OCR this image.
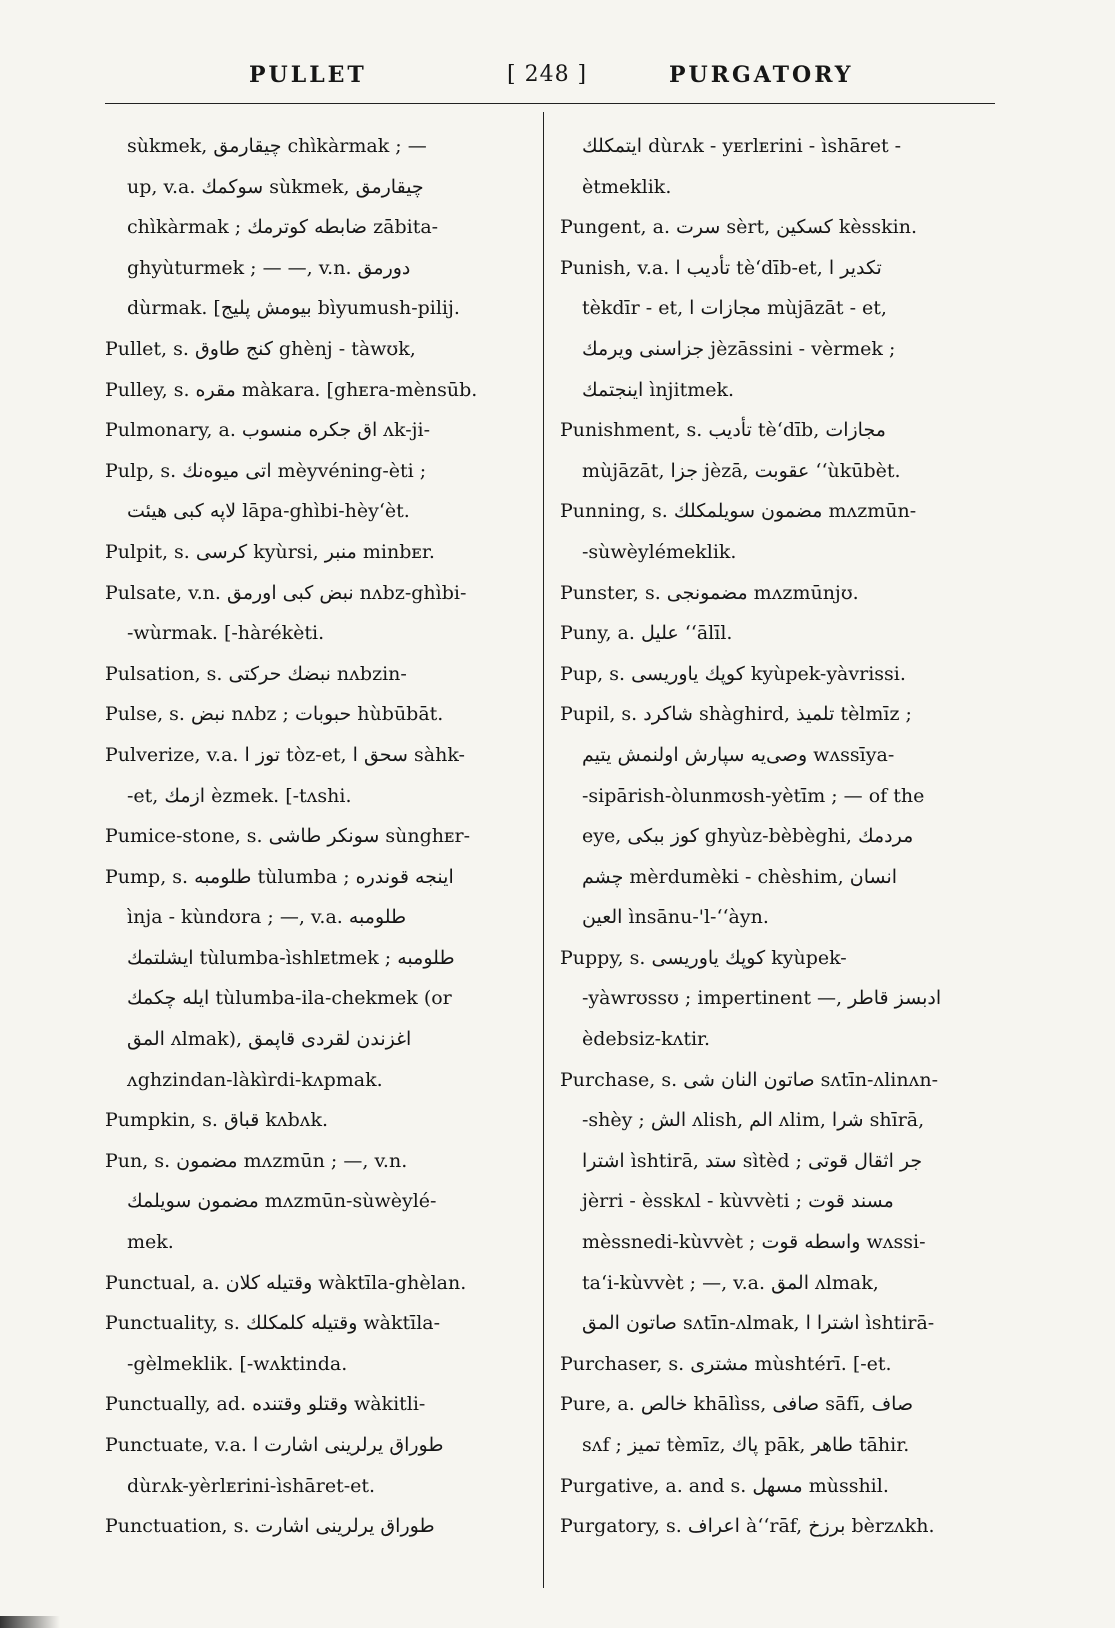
PULLET	[ 248 ]	PURGATORY
sùkmek, چیقارمق chìkàrmak ; —
up, v.a. سوکمك sùkmek, چیقارمق
chìkàrmak ; ضابطه کوترمك zābita-
ghyùturmek ; — —, v.n. دورمق
dùrmak. [بیومش پلیج bìyumush-pilij.
Pullet, s. کنج طاوق ghènj - tàwʊk,
Pulley, s. مقره màkara. [ghᴇra-mènsūb.
Pulmonary, a. اق جکره منسوب ʌk-ji-
Pulp, s. اتی میوه‌نك mèyvéning-èti ;
لاپه کبی هیئت lāpa-ghìbi-hèy‘èt.
Pulpit, s. کرسی kyùrsi, منبر minbᴇr.
Pulsate, v.n. نبض کبی اورمق nʌbz-ghìbi-
-wùrmak. [-hàrékèti.
Pulsation, s. نبضك حرکتی nʌbzin-
Pulse, s. نبض nʌbz ; حبوبات hùbūbāt.
Pulverize, v.a. توز ا tòz-et, سحق ا sàhk-
-et, ازمك èzmek. [-tʌshi.
Pumice-stone, s. سونکر طاشی sùnghᴇr-
Pump, s. طلومبه tùlumba ; اینجه قوندره
ìnja - kùndʊra ; —, v.a. طلومبه
ایشلتمك tùlumba-ìshlᴇtmek ; طلومبه
ایله چکمك tùlumba-ila-chekmek (or
المق ʌlmak), اغزندن لقردی قاپمق
ʌghzindan-làkìrdi-kʌpmak.
Pumpkin, s. قباق kʌbʌk.
Pun, s. مضمون mʌzmūn ; —, v.n.
مضمون سویلمك mʌzmūn-sùwèylé-
mek.
Punctual, a. وقتیله کلان wàktīla-ghèlan.
Punctuality, s. وقتیله کلمکلك wàktīla-
-gèlmeklik. [-wʌktinda.
Punctually, ad. وقتلو وقتنده wàkitli-
Punctuate, v.a. طوراق یرلرینی اشارت ا
dùrʌk-yèrlᴇrini-ìshāret-et.
Punctuation, s. طوراق یرلرینی اشارت
ایتمکلك dùrʌk - yᴇrlᴇrini - ìshāret -
ètmeklik.
Pungent, a. سرت sèrt, کسکین kèsskin.
Punish, v.a. تأدیب ا tè‘dīb-et, تکدیر ا
tèkdīr - et, مجازات ا mùjāzāt - et,
جزاسنی ویرمك jèzāssini - vèrmek ;
اینجتمك ìnjitmek.
Punishment, s. تأدیب tè‘dīb, مجازات
mùjāzāt, جزا jèzā, عقوبت ‘‘ùkūbèt.
Punning, s. مضمون سویلمکلك mʌzmūn-
-sùwèylémeklik.
Punster, s. مضمونجی mʌzmūnjʊ.
Puny, a. علیل ‘‘ālīl.
Pup, s. کوپك یاوریسی kyùpek-yàvrissi.
Pupil, s. شاکرد shàghird, تلمیذ tèlmīz ;
وصی‌یه سپارش اولنمش یتیم wʌssīya-
-sipārish-òlunmʊsh-yètīm ; — of the
eye, کوز ببکی ghyùz-bèbèghi, مردمك
چشم mèrdumèki - chèshim, انسان
العین ìnsānu-'l-‘‘àyn.
Puppy, s. کوپك یاوریسی kyùpek-
-yàwrʊssʊ ; impertinent —, ادبسز قاطر
èdebsiz-kʌtir.
Purchase, s. صاتون النان شی sʌtīn-ʌlinʌn-
-shèy ; الش ʌlish, الم ʌlim, شرا shīrā,
اشترا ìshtirā, ستد sìtèd ; جر اثقال قوتی
jèrri - èsskʌl - kùvvèti ; مسند قوت
mèssnedi-kùvvèt ; واسطه قوت wʌssi-
ta‘i-kùvvèt ; —, v.a. المق ʌlmak,
صاتون المق sʌtīn-ʌlmak, اشترا ا ìshtirā-
Purchaser, s. مشتری mùshtérī. [-et.
Pure, a. خالص khālìss, صافی sāfī, صاف
sʌf ; تمیز tèmīz, پاك pāk, طاهر tāhir.
Purgative, a. and s. مسهل mùsshil.
Purgatory, s. اعراف à‘‘rāf, برزخ bèrzʌkh.
